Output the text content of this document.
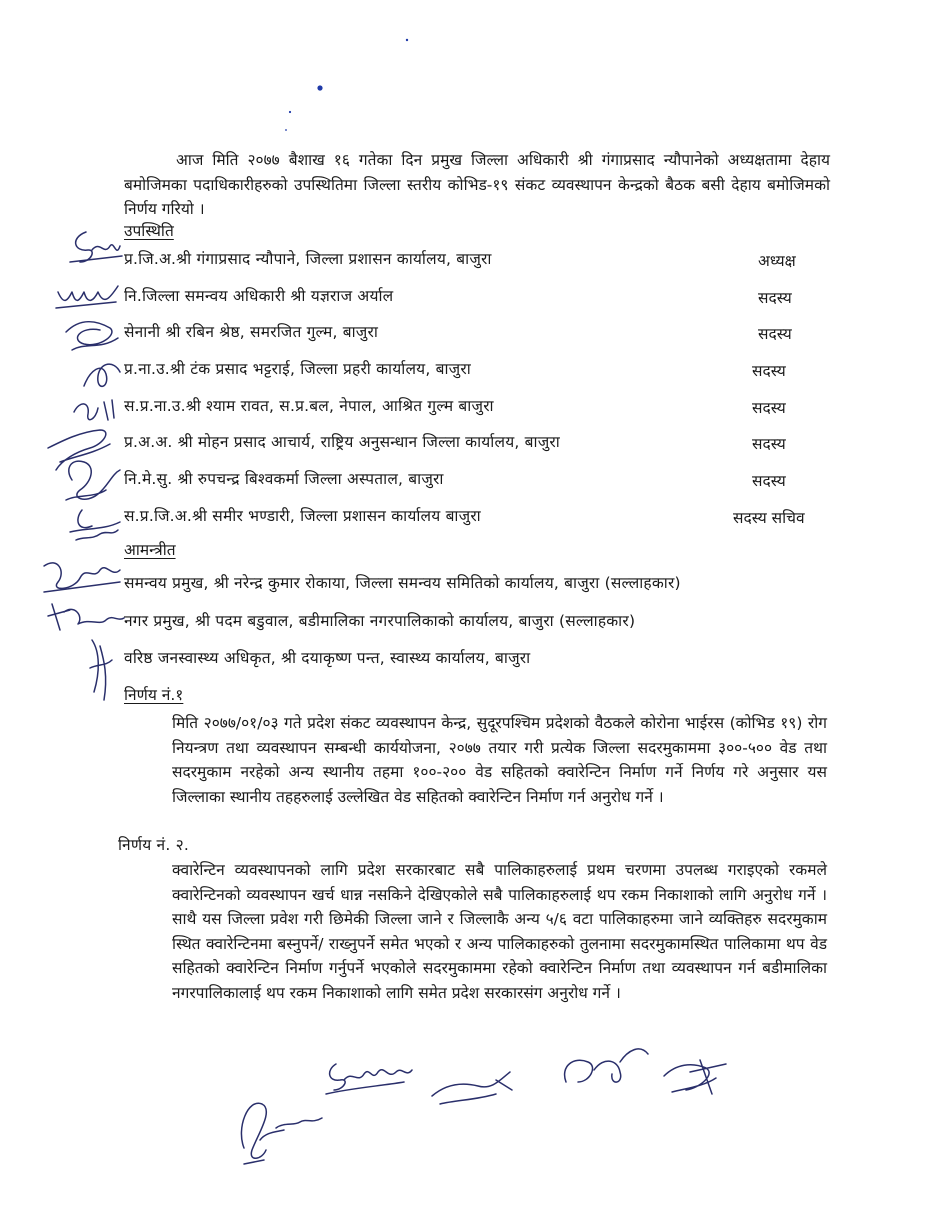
आज मिति २०७७ बैशाख १६ गतेका दिन प्रमुख जिल्ला अधिकारी श्री गंगाप्रसाद न्यौपानेको अध्यक्षतामा देहाय बमोजिमका पदाधिकारीहरुको उपस्थितिमा जिल्ला स्तरीय कोभिड-१९ संकट व्यवस्थापन केन्द्रको बैठक बसी देहाय बमोजिमको निर्णय गरियो ।
उपस्थिति
प्र.जि.अ.श्री गंगाप्रसाद न्यौपाने, जिल्ला प्रशासन कार्यालय, बाजुरा	अध्यक्ष
नि.जिल्ला समन्वय अधिकारी श्री यज्ञराज अर्याल	सदस्य
सेनानी श्री रबिन श्रेष्ठ, समरजित गुल्म, बाजुरा	सदस्य
प्र.ना.उ.श्री टंक प्रसाद भट्टराई, जिल्ला प्रहरी कार्यालय, बाजुरा	सदस्य
स.प्र.ना.उ.श्री श्याम रावत, स.प्र.बल, नेपाल, आश्रित गुल्म बाजुरा	सदस्य
प्र.अ.अ. श्री मोहन प्रसाद आचार्य, राष्ट्रिय अनुसन्धान जिल्ला कार्यालय, बाजुरा	सदस्य
नि.मे.सु. श्री रुपचन्द्र बिश्वकर्मा जिल्ला अस्पताल, बाजुरा	सदस्य
स.प्र.जि.अ.श्री समीर भण्डारी, जिल्ला प्रशासन कार्यालय बाजुरा	सदस्य सचिव
आमन्त्रीत
समन्वय प्रमुख, श्री नरेन्द्र कुमार रोकाया, जिल्ला समन्वय समितिको कार्यालय, बाजुरा (सल्लाहकार)
नगर प्रमुख, श्री पदम बडुवाल, बडीमालिका नगरपालिकाको कार्यालय, बाजुरा (सल्लाहकार)
वरिष्ठ जनस्वास्थ्य अधिकृत, श्री दयाकृष्ण पन्त, स्वास्थ्य कार्यालय, बाजुरा
निर्णय नं.१
मिति २०७७/०१/०३ गते प्रदेश संकट व्यवस्थापन केन्द्र, सुदूरपश्चिम प्रदेशको वैठकले कोरोना भाईरस (कोभिड १९) रोग नियन्त्रण तथा व्यवस्थापन सम्बन्धी कार्ययोजना, २०७७ तयार गरी प्रत्येक जिल्ला सदरमुकाममा ३००-५०० वेड तथा सदरमुकाम नरहेको अन्य स्थानीय तहमा १००-२०० वेड सहितको क्वारेन्टिन निर्माण गर्ने निर्णय गरे अनुसार यस जिल्लाका स्थानीय तहहरुलाई उल्लेखित वेड सहितको क्वारेन्टिन निर्माण गर्न अनुरोध गर्ने ।
निर्णय नं. २.
क्वारेन्टिन व्यवस्थापनको लागि प्रदेश सरकारबाट सबै पालिकाहरुलाई प्रथम चरणमा उपलब्ध गराइएको रकमले क्वारेन्टिनको व्यवस्थापन खर्च धान्न नसकिने देखिएकोले सबै पालिकाहरुलाई थप रकम निकाशाको लागि अनुरोध गर्ने । साथै यस जिल्ला प्रवेश गरी छिमेकी जिल्ला जाने र जिल्लाकै अन्य ५/६ वटा पालिकाहरुमा जाने व्यक्तिहरु सदरमुकाम स्थित क्वारेन्टिनमा बस्नुपर्ने/ राख्नुपर्ने समेत भएको र अन्य पालिकाहरुको तुलनामा सदरमुकामस्थित पालिकामा थप वेड सहितको क्वारेन्टिन निर्माण गर्नुपर्ने भएकोले सदरमुकाममा रहेको क्वारेन्टिन निर्माण तथा व्यवस्थापन गर्न बडीमालिका नगरपालिकालाई थप रकम निकाशाको लागि समेत प्रदेश सरकारसंग अनुरोध गर्ने ।
